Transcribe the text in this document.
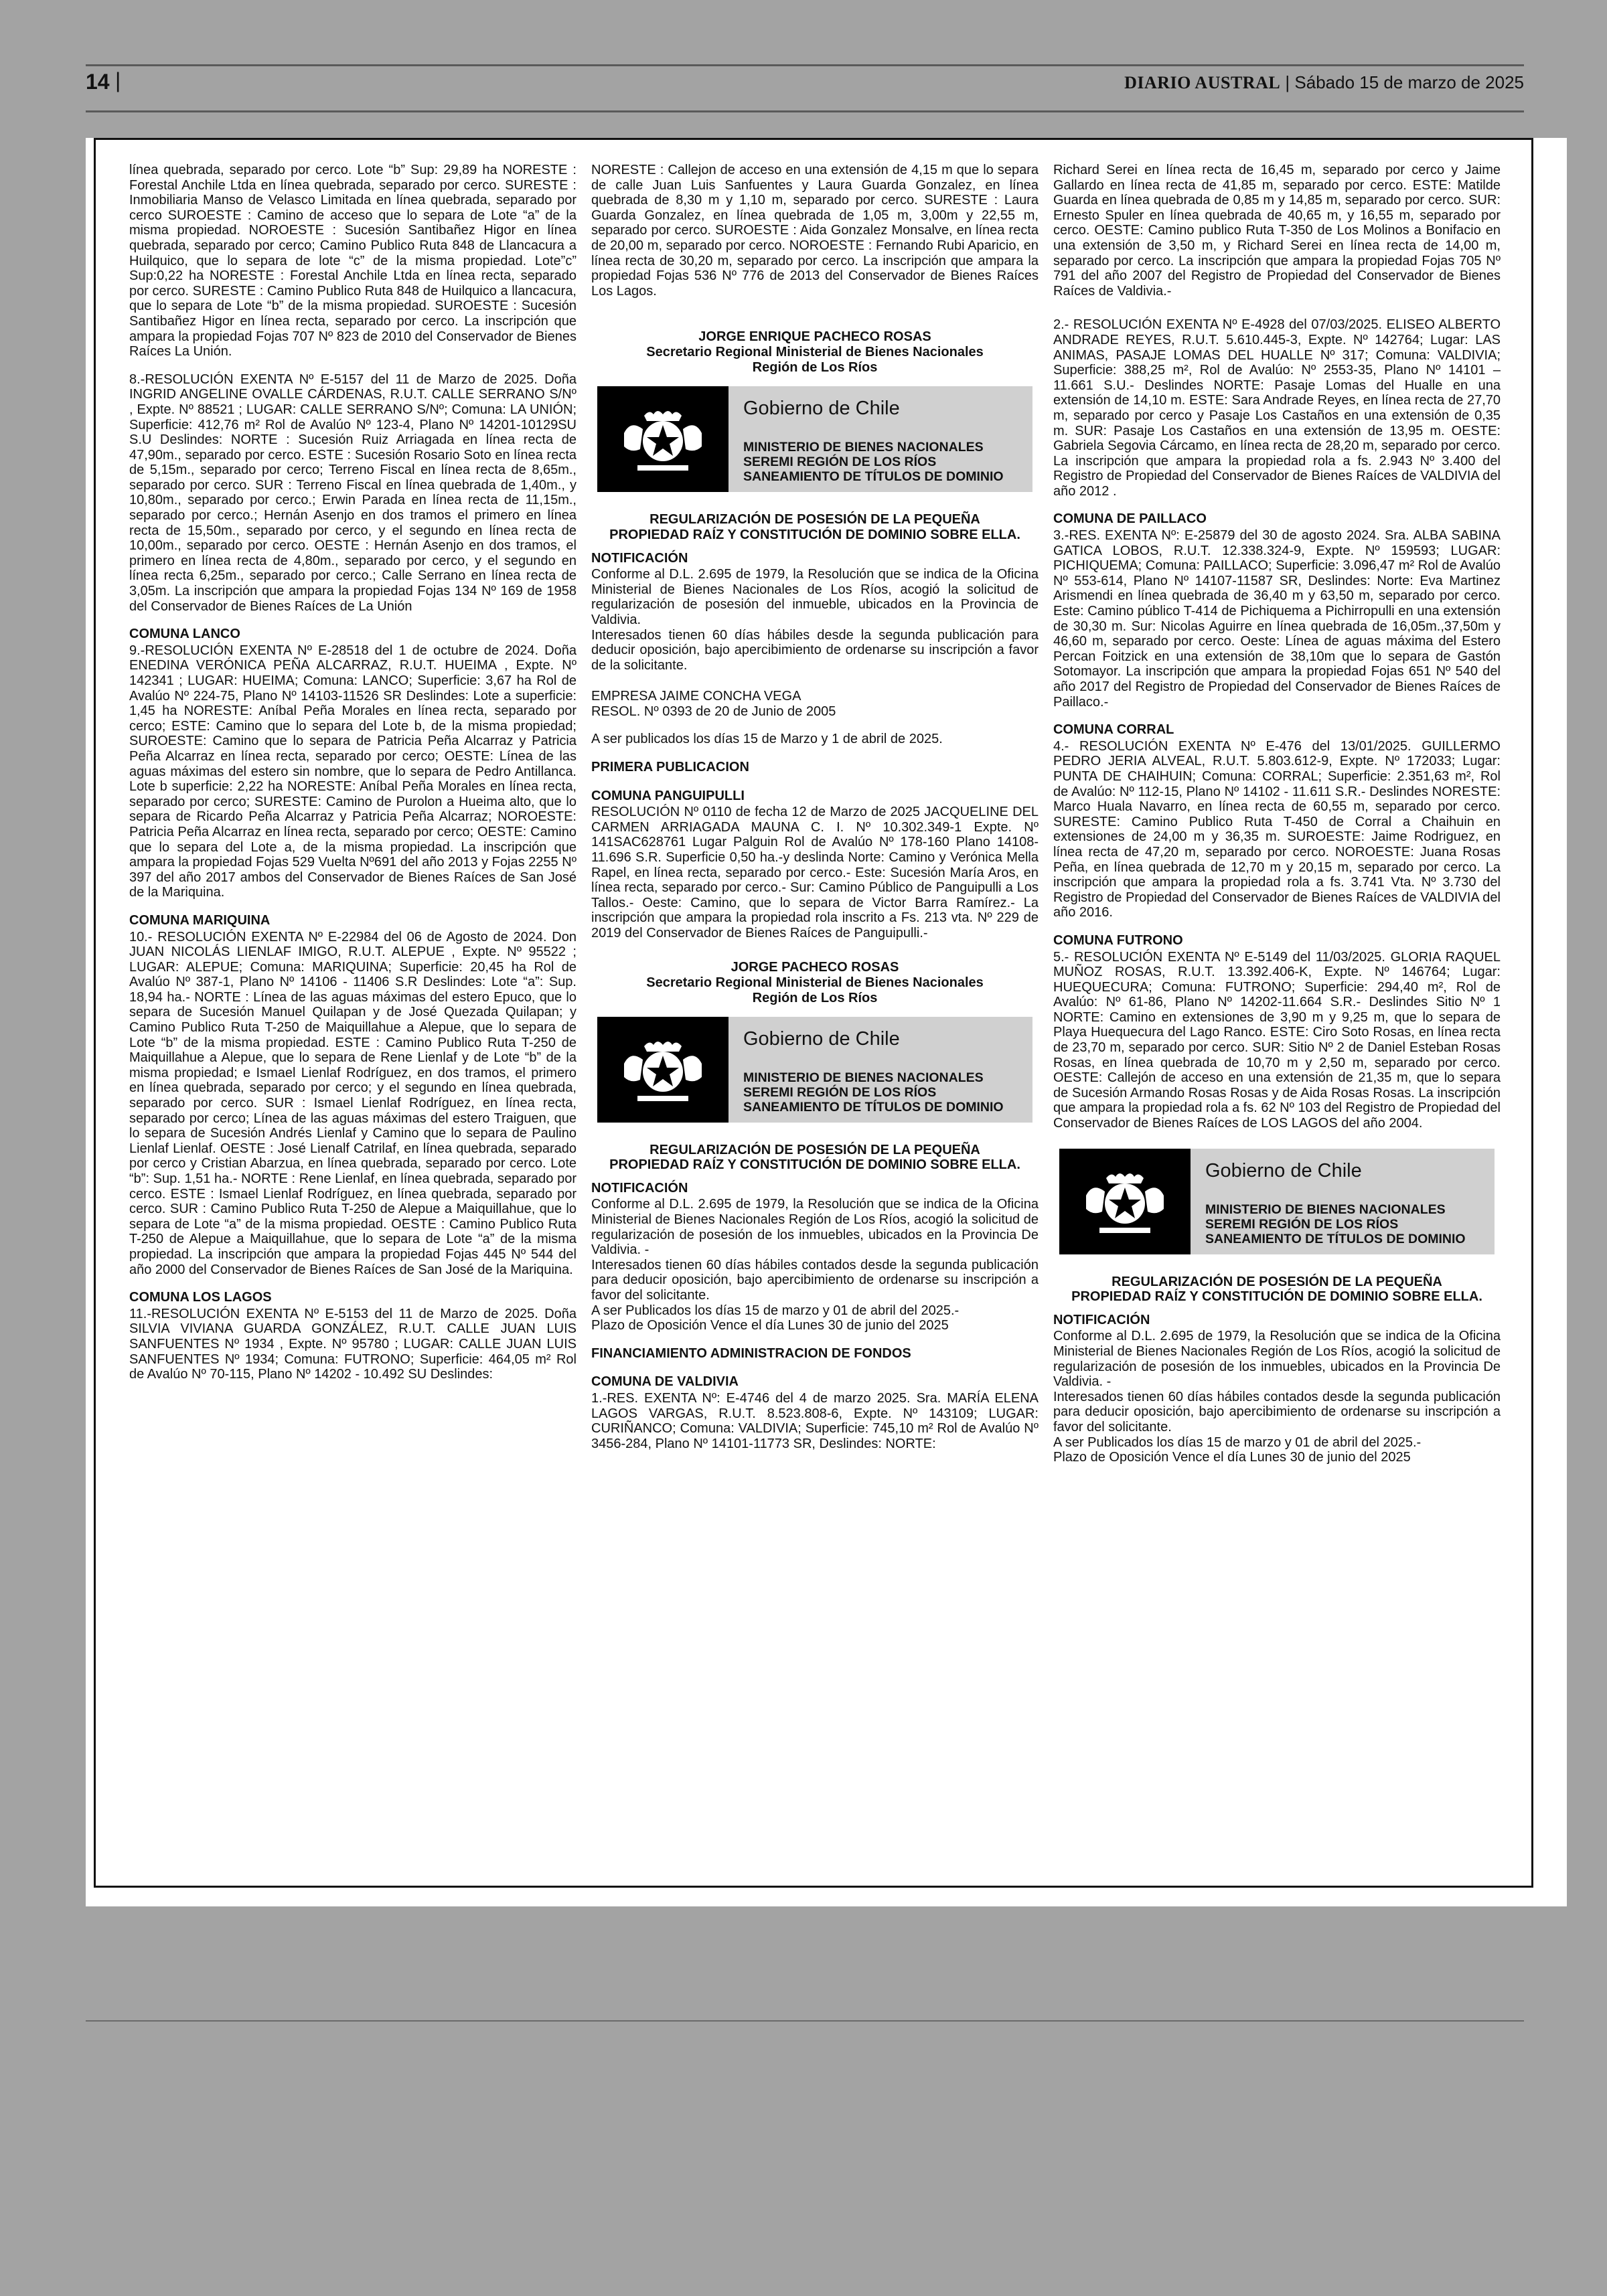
14 |	DIARIO AUSTRAL | Sábado 15 de marzo de 2025

línea quebrada, separado por cerco. Lote “b” Sup: 29,89 ha NORESTE : Forestal Anchile Ltda en línea quebrada, separado por cerco. SURESTE : Inmobiliaria Manso de Velasco Limitada en línea quebrada, separado por cerco SUROESTE : Camino de acceso que lo separa de Lote “a” de la misma propiedad. NOROESTE : Sucesión Santibañez Higor en línea quebrada, separado por cerco; Camino Publico Ruta 848 de Llancacura a Huilquico, que lo separa de lote “c” de la misma propiedad. Lote”c” Sup:0,22 ha NORESTE : Forestal Anchile Ltda en línea recta, separado por cerco. SURESTE : Camino Publico Ruta 848 de Huilquico a llancacura, que lo separa de Lote “b” de la misma propiedad. SUROESTE : Sucesión Santibañez Higor en línea recta, separado por cerco. La inscripción que ampara la propiedad Fojas 707 Nº 823 de 2010 del Conservador de Bienes Raíces La Unión.

8.-RESOLUCIÓN EXENTA Nº E-5157 del 11 de Marzo de 2025. Doña INGRID ANGELINE OVALLE CÁRDENAS, R.U.T. CALLE SERRANO S/Nº , Expte. Nº 88521 ; LUGAR: CALLE SERRANO S/Nº; Comuna: LA UNIÓN; Superficie: 412,76 m² Rol de Avalúo Nº 123-4, Plano Nº 14201-10129SU S.U Deslindes: NORTE : Sucesión Ruiz Arriagada en línea recta de 47,90m., separado por cerco. ESTE : Sucesión Rosario Soto en línea recta de 5,15m., separado por cerco; Terreno Fiscal en línea recta de 8,65m., separado por cerco. SUR : Terreno Fiscal en línea quebrada de 1,40m., y 10,80m., separado por cerco.; Erwin Parada en línea recta de 11,15m., separado por cerco.; Hernán Asenjo en dos tramos el primero en línea recta de 15,50m., separado por cerco, y el segundo en línea recta de 10,00m., separado por cerco. OESTE : Hernán Asenjo en dos tramos, el primero en línea recta de 4,80m., separado por cerco, y el segundo en línea recta 6,25m., separado por cerco.; Calle Serrano en línea recta de 3,05m. La inscripción que ampara la propiedad Fojas 134 Nº 169 de 1958 del Conservador de Bienes Raíces de La Unión

COMUNA LANCO

9.-RESOLUCIÓN EXENTA Nº E-28518 del 1 de octubre de 2024. Doña ENEDINA VERÓNICA PEÑA ALCARRAZ, R.U.T. HUEIMA , Expte. Nº 142341 ; LUGAR: HUEIMA; Comuna: LANCO; Superficie: 3,67 ha Rol de Avalúo Nº 224-75, Plano Nº 14103-11526 SR Deslindes: Lote a superficie: 1,45 ha NORESTE: Aníbal Peña Morales en línea recta, separado por cerco; ESTE: Camino que lo separa del Lote b, de la misma propiedad; SUROESTE: Camino que lo separa de Patricia Peña Alcarraz y Patricia Peña Alcarraz en línea recta, separado por cerco; OESTE: Línea de las aguas máximas del estero sin nombre, que lo separa de Pedro Antillanca. Lote b superficie: 2,22 ha NORESTE: Aníbal Peña Morales en línea recta, separado por cerco; SURESTE: Camino de Purolon a Hueima alto, que lo separa de Ricardo Peña Alcarraz y Patricia Peña Alcarraz; NOROESTE: Patricia Peña Alcarraz en línea recta, separado por cerco; OESTE: Camino que lo separa del Lote a, de la misma propiedad. La inscripción que ampara la propiedad Fojas 529 Vuelta Nº691 del año 2013 y Fojas 2255 Nº 397 del año 2017 ambos del Conservador de Bienes Raíces de San José de la Mariquina.

COMUNA MARIQUINA

10.- RESOLUCIÓN EXENTA Nº E-22984 del 06 de Agosto de 2024. Don JUAN NICOLÁS LIENLAF IMIGO, R.U.T. ALEPUE , Expte. Nº 95522 ; LUGAR: ALEPUE; Comuna: MARIQUINA; Superficie: 20,45 ha Rol de Avalúo Nº 387-1, Plano Nº 14106 - 11406 S.R Deslindes: Lote “a”: Sup. 18,94 ha.- NORTE : Línea de las aguas máximas del estero Epuco, que lo separa de Sucesión Manuel Quilapan y de José Quezada Quilapan; y Camino Publico Ruta T-250 de Maiquillahue a Alepue, que lo separa de Lote “b” de la misma propiedad. ESTE : Camino Publico Ruta T-250 de Maiquillahue a Alepue, que lo separa de Rene Lienlaf y de Lote “b” de la misma propiedad; e Ismael Lienlaf Rodríguez, en dos tramos, el primero en línea quebrada, separado por cerco; y el segundo en línea quebrada, separado por cerco. SUR : Ismael Lienlaf Rodríguez, en línea recta, separado por cerco; Línea de las aguas máximas del estero Traiguen, que lo separa de Sucesión Andrés Lienlaf y Camino que lo separa de Paulino Lienlaf Lienlaf. OESTE : José Lienalf Catrilaf, en línea quebrada, separado por cerco y Cristian Abarzua, en línea quebrada, separado por cerco. Lote “b”: Sup. 1,51 ha.- NORTE : Rene Lienlaf, en línea quebrada, separado por cerco. ESTE : Ismael Lienlaf Rodríguez, en línea quebrada, separado por cerco. SUR : Camino Publico Ruta T-250 de Alepue a Maiquillahue, que lo separa de Lote “a” de la misma propiedad. OESTE : Camino Publico Ruta T-250 de Alepue a Maiquillahue, que lo separa de Lote “a” de la misma propiedad. La inscripción que ampara la propiedad Fojas 445 Nº 544 del año 2000 del Conservador de Bienes Raíces de San José de la Mariquina.

COMUNA LOS LAGOS

11.-RESOLUCIÓN EXENTA Nº E-5153 del 11 de Marzo de 2025. Doña SILVIA VIVIANA GUARDA GONZÁLEZ, R.U.T. CALLE JUAN LUIS SANFUENTES Nº 1934 , Expte. Nº 95780 ; LUGAR: CALLE JUAN LUIS SANFUENTES Nº 1934; Comuna: FUTRONO; Superficie: 464,05 m² Rol de Avalúo Nº 70-115, Plano Nº 14202 - 10.492 SU Deslindes:

NORESTE : Callejon de acceso en una extensión de 4,15 m que lo separa de calle Juan Luis Sanfuentes y Laura Guarda Gonzalez, en línea quebrada de 8,30 m y 1,10 m, separado por cerco. SURESTE : Laura Guarda Gonzalez, en línea quebrada de 1,05 m, 3,00m y 22,55 m, separado por cerco. SUROESTE : Aida Gonzalez Monsalve, en línea recta de 20,00 m, separado por cerco. NOROESTE : Fernando Rubi Aparicio, en línea recta de 30,20 m, separado por cerco. La inscripción que ampara la propiedad Fojas 536 Nº 776 de 2013 del Conservador de Bienes Raíces Los Lagos.

JORGE ENRIQUE PACHECO ROSAS
Secretario Regional Ministerial de Bienes Nacionales
Región de Los Ríos
Gobierno de Chile
MINISTERIO DE BIENES NACIONALES
SEREMI REGIÓN DE LOS RÍOS
SANEAMIENTO DE TÍTULOS DE DOMINIO

REGULARIZACIÓN DE POSESIÓN DE LA PEQUEÑA
PROPIEDAD RAÍZ Y CONSTITUCIÓN DE DOMINIO SOBRE ELLA.

NOTIFICACIÓN

Conforme al D.L. 2.695 de 1979, la Resolución que se indica de la Oficina Ministerial de Bienes Nacionales de Los Ríos, acogió la solicitud de regularización de posesión del inmueble, ubicados en la Provincia de Valdivia.

Interesados tienen 60 días hábiles desde la segunda publicación para deducir oposición, bajo apercibimiento de ordenarse su inscripción a favor de la solicitante.

EMPRESA JAIME CONCHA VEGA

RESOL. Nº 0393 de 20 de Junio de 2005

A ser publicados los días 15 de Marzo y 1 de abril de 2025.

PRIMERA PUBLICACION

COMUNA PANGUIPULLI

RESOLUCIÓN Nº 0110 de fecha 12 de Marzo de 2025 JACQUELINE DEL CARMEN ARRIAGADA MAUNA C. I. Nº 10.302.349-1 Expte. Nº 141SAC628761 Lugar Palguin Rol de Avalúo Nº 178-160 Plano 14108-11.696 S.R. Superficie 0,50 ha.-y deslinda Norte: Camino y Verónica Mella Rapel, en línea recta, separado por cerco.- Este: Sucesión María Aros, en línea recta, separado por cerco.- Sur: Camino Público de Panguipulli a Los Tallos.- Oeste: Camino, que lo separa de Victor Barra Ramírez.- La inscripción que ampara la propiedad rola inscrito a Fs. 213 vta. Nº 229 de 2019 del Conservador de Bienes Raíces de Panguipulli.-

JORGE PACHECO ROSAS
Secretario Regional Ministerial de Bienes Nacionales
Región de Los Ríos
Gobierno de Chile
MINISTERIO DE BIENES NACIONALES
SEREMI REGIÓN DE LOS RÍOS
SANEAMIENTO DE TÍTULOS DE DOMINIO

REGULARIZACIÓN DE POSESIÓN DE LA PEQUEÑA
PROPIEDAD RAÍZ Y CONSTITUCIÓN DE DOMINIO SOBRE ELLA.

NOTIFICACIÓN

Conforme al D.L. 2.695 de 1979, la Resolución que se indica de la Oficina Ministerial de Bienes Nacionales Región de Los Ríos, acogió la solicitud de regularización de posesión de los inmuebles, ubicados en la Provincia De Valdivia. -

Interesados tienen 60 días hábiles contados desde la segunda publicación para deducir oposición, bajo apercibimiento de ordenarse su inscripción a favor del solicitante.

A ser Publicados los días 15 de marzo y 01 de abril del 2025.-

Plazo de Oposición Vence el día Lunes 30 de junio del 2025

FINANCIAMIENTO ADMINISTRACION DE FONDOS

COMUNA DE VALDIVIA

1.-RES. EXENTA Nº: E-4746 del 4 de marzo 2025. Sra. MARÍA ELENA LAGOS VARGAS, R.U.T. 8.523.808-6, Expte. Nº 143109; LUGAR: CURIÑANCO; Comuna: VALDIVIA; Superficie: 745,10 m² Rol de Avalúo Nº 3456-284, Plano Nº 14101-11773 SR, Deslindes: NORTE:

Richard Serei en línea recta de 16,45 m, separado por cerco y Jaime Gallardo en línea recta de 41,85 m, separado por cerco. ESTE: Matilde Guarda en línea quebrada de 0,85 m y 14,85 m, separado por cerco. SUR: Ernesto Spuler en línea quebrada de 40,65 m, y 16,55 m, separado por cerco. OESTE: Camino publico Ruta T-350 de Los Molinos a Bonifacio en una extensión de 3,50 m, y Richard Serei en línea recta de 14,00 m, separado por cerco. La inscripción que ampara la propiedad Fojas 705 Nº 791 del año 2007 del Registro de Propiedad del Conservador de Bienes Raíces de Valdivia.-

2.- RESOLUCIÓN EXENTA Nº E-4928 del 07/03/2025. ELISEO ALBERTO ANDRADE REYES, R.U.T. 5.610.445-3, Expte. Nº 142764; Lugar: LAS ANIMAS, PASAJE LOMAS DEL HUALLE Nº 317; Comuna: VALDIVIA; Superficie: 388,25 m², Rol de Avalúo: Nº 2553-35, Plano Nº 14101 – 11.661 S.U.- Deslindes NORTE: Pasaje Lomas del Hualle en una extensión de 14,10 m. ESTE: Sara Andrade Reyes, en línea recta de 27,70 m, separado por cerco y Pasaje Los Castaños en una extensión de 0,35 m. SUR: Pasaje Los Castaños en una extensión de 13,95 m. OESTE: Gabriela Segovia Cárcamo, en línea recta de 28,20 m, separado por cerco. La inscripción que ampara la propiedad rola a fs. 2.943 Nº 3.400 del Registro de Propiedad del Conservador de Bienes Raíces de VALDIVIA del año 2012 .

COMUNA DE PAILLACO

3.-RES. EXENTA Nº: E-25879 del 30 de agosto 2024. Sra. ALBA SABINA GATICA LOBOS, R.U.T. 12.338.324-9, Expte. Nº 159593; LUGAR: PICHIQUEMA; Comuna: PAILLACO; Superficie: 3.096,47 m² Rol de Avalúo Nº 553-614, Plano Nº 14107-11587 SR, Deslindes: Norte: Eva Martinez Arismendi en línea quebrada de 36,40 m y 63,50 m, separado por cerco. Este: Camino público T-414 de Pichiquema a Pichirropulli en una extensión de 30,30 m. Sur: Nicolas Aguirre en línea quebrada de 16,05m.,37,50m y 46,60 m, separado por cerco. Oeste: Línea de aguas máxima del Estero Percan Foitzick en una extensión de 38,10m que lo separa de Gastón Sotomayor. La inscripción que ampara la propiedad Fojas 651 Nº 540 del año 2017 del Registro de Propiedad del Conservador de Bienes Raíces de Paillaco.-

COMUNA CORRAL

4.- RESOLUCIÓN EXENTA Nº E-476 del 13/01/2025. GUILLERMO PEDRO JERIA ALVEAL, R.U.T. 5.803.612-9, Expte. Nº 172033; Lugar: PUNTA DE CHAIHUIN; Comuna: CORRAL; Superficie: 2.351,63 m², Rol de Avalúo: Nº 112-15, Plano Nº 14102 - 11.611 S.R.- Deslindes NORESTE: Marco Huala Navarro, en línea recta de 60,55 m, separado por cerco. SURESTE: Camino Publico Ruta T-450 de Corral a Chaihuin en extensiones de 24,00 m y 36,35 m. SUROESTE: Jaime Rodriguez, en línea recta de 47,20 m, separado por cerco. NOROESTE: Juana Rosas Peña, en línea quebrada de 12,70 m y 20,15 m, separado por cerco. La inscripción que ampara la propiedad rola a fs. 3.741 Vta. Nº 3.730 del Registro de Propiedad del Conservador de Bienes Raíces de VALDIVIA del año 2016.

COMUNA FUTRONO

5.- RESOLUCIÓN EXENTA Nº E-5149 del 11/03/2025. GLORIA RAQUEL MUÑOZ ROSAS, R.U.T. 13.392.406-K, Expte. Nº 146764; Lugar: HUEQUECURA; Comuna: FUTRONO; Superficie: 294,40 m², Rol de Avalúo: Nº 61-86, Plano Nº 14202-11.664 S.R.- Deslindes Sitio Nº 1 NORTE: Camino en extensiones de 3,90 m y 9,25 m, que lo separa de Playa Huequecura del Lago Ranco. ESTE: Ciro Soto Rosas, en línea recta de 23,70 m, separado por cerco. SUR: Sitio Nº 2 de Daniel Esteban Rosas Rosas, en línea quebrada de 10,70 m y 2,50 m, separado por cerco. OESTE: Callejón de acceso en una extensión de 21,35 m, que lo separa de Sucesión Armando Rosas Rosas y de Aida Rosas Rosas. La inscripción que ampara la propiedad rola a fs. 62 Nº 103 del Registro de Propiedad del Conservador de Bienes Raíces de LOS LAGOS del año 2004.

Gobierno de Chile
MINISTERIO DE BIENES NACIONALES
SEREMI REGIÓN DE LOS RÍOS
SANEAMIENTO DE TÍTULOS DE DOMINIO

REGULARIZACIÓN DE POSESIÓN DE LA PEQUEÑA
PROPIEDAD RAÍZ Y CONSTITUCIÓN DE DOMINIO SOBRE ELLA.

NOTIFICACIÓN

Conforme al D.L. 2.695 de 1979, la Resolución que se indica de la Oficina Ministerial de Bienes Nacionales Región de Los Ríos, acogió la solicitud de regularización de posesión de los inmuebles, ubicados en la Provincia De Valdivia. -

Interesados tienen 60 días hábiles contados desde la segunda publicación para deducir oposición, bajo apercibimiento de ordenarse su inscripción a favor del solicitante.

A ser Publicados los días 15 de marzo y 01 de abril del 2025.-

Plazo de Oposición Vence el día Lunes 30 de junio del 2025
